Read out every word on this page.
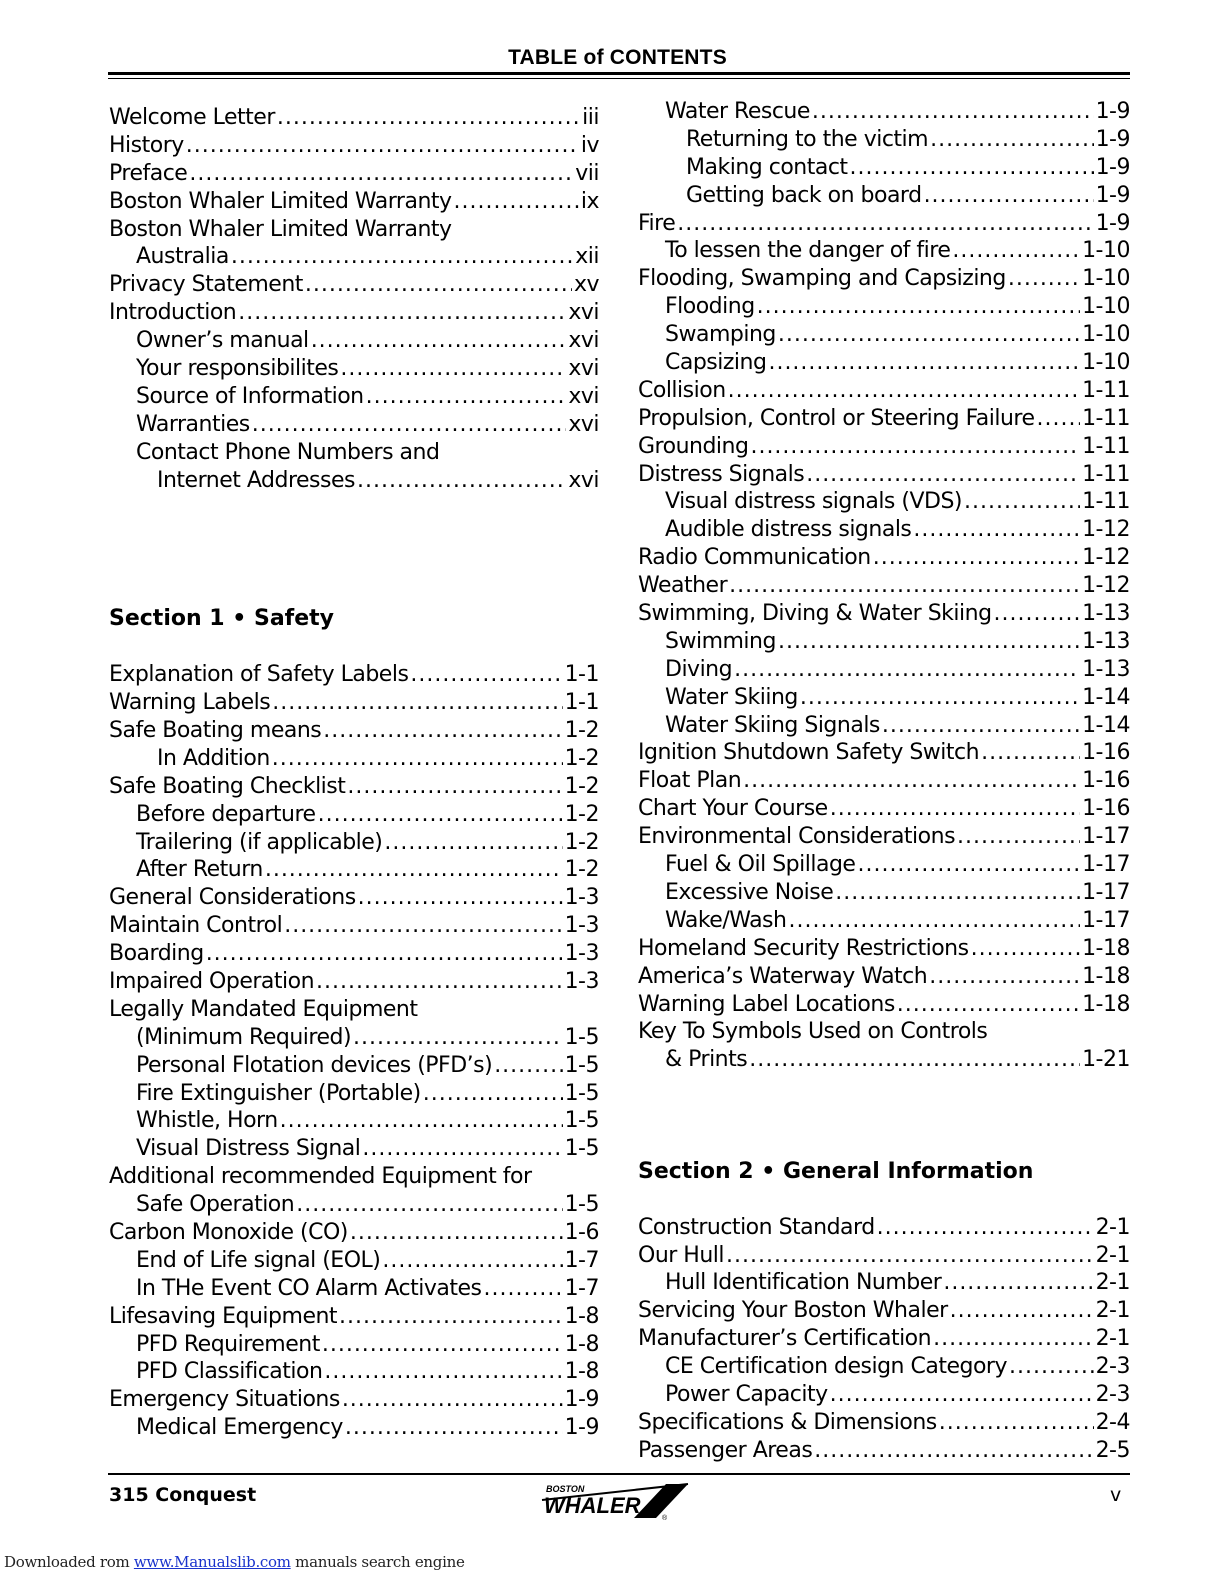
TABLE of CONTENTS
Welcome Letter .....	iii
History .....	iv
Preface .....	vii
Boston Whaler Limited Warranty .....	ix
Boston Whaler Limited Warranty
Australia .....	xii
Privacy Statement .....	xv
Introduction .....	xvi
Owner’s manual .....	xvi
Your responsibilites .....	xvi
Source of Information .....	xvi
Warranties .....	xvi
Contact Phone Numbers and
Internet Addresses .....	xvi
Section 1 • Safety
Explanation of Safety Labels .....	1-1
Warning Labels .....	1-1
Safe Boating means .....	1-2
In Addition .....	1-2
Safe Boating Checklist .....	1-2
Before departure .....	1-2
Trailering (if applicable) .....	1-2
After Return .....	1-2
General Considerations .....	1-3
Maintain Control .....	1-3
Boarding .....	1-3
Impaired Operation .....	1-3
Legally Mandated Equipment
(Minimum Required) .....	1-5
Personal Flotation devices (PFD’s) .....	1-5
Fire Extinguisher (Portable) .....	1-5
Whistle, Horn .....	1-5
Visual Distress Signal .....	1-5
Additional recommended Equipment for
Safe Operation .....	1-5
Carbon Monoxide (CO) .....	1-6
End of Life signal (EOL) .....	1-7
In THe Event CO Alarm Activates .....	1-7
Lifesaving Equipment .....	1-8
PFD Requirement .....	1-8
PFD Classification .....	1-8
Emergency Situations .....	1-9
Medical Emergency .....	1-9
Water Rescue .....	1-9
Returning to the victim .....	1-9
Making contact .....	1-9
Getting back on board .....	1-9
Fire .....	1-9
To lessen the danger of fire .....	1-10
Flooding, Swamping and Capsizing .....	1-10
Flooding .....	1-10
Swamping .....	1-10
Capsizing .....	1-10
Collision .....	1-11
Propulsion, Control or Steering Failure ..... 1-11
Grounding .....	1-11
Distress Signals .....	1-11
Visual distress signals (VDS) .....	1-11
Audible distress signals .....	1-12
Radio Communication .....	1-12
Weather .....	1-12
Swimming, Diving & Water Skiing .....	1-13
Swimming .....	1-13
Diving .....	1-13
Water Skiing .....	1-14
Water Skiing Signals .....	1-14
Ignition Shutdown Safety Switch .....	1-16
Float Plan .....	1-16
Chart Your Course .....	1-16
Environmental Considerations .....	1-17
Fuel & Oil Spillage .....	1-17
Excessive Noise .....	1-17
Wake/Wash .....	1-17
Homeland Security Restrictions .....	1-18
America’s Waterway Watch .....	1-18
Warning Label Locations .....	1-18
Key To Symbols Used on Controls
& Prints .....	1-21
Section 2 • General Information
Construction Standard .....	2-1
Our Hull .....	2-1
Hull Identification Number .....	2-1
Servicing Your Boston Whaler .....	2-1
Manufacturer’s Certification .....	2-1
CE Certification design Category .....	2-3
Power Capacity .....	2-3
Specifications & Dimensions .....	2-4
Passenger Areas .....	2-5
315 Conquest	BOSTON
WHALER
®
v
Downloaded rom www.Manualslib.com manuals search engine
